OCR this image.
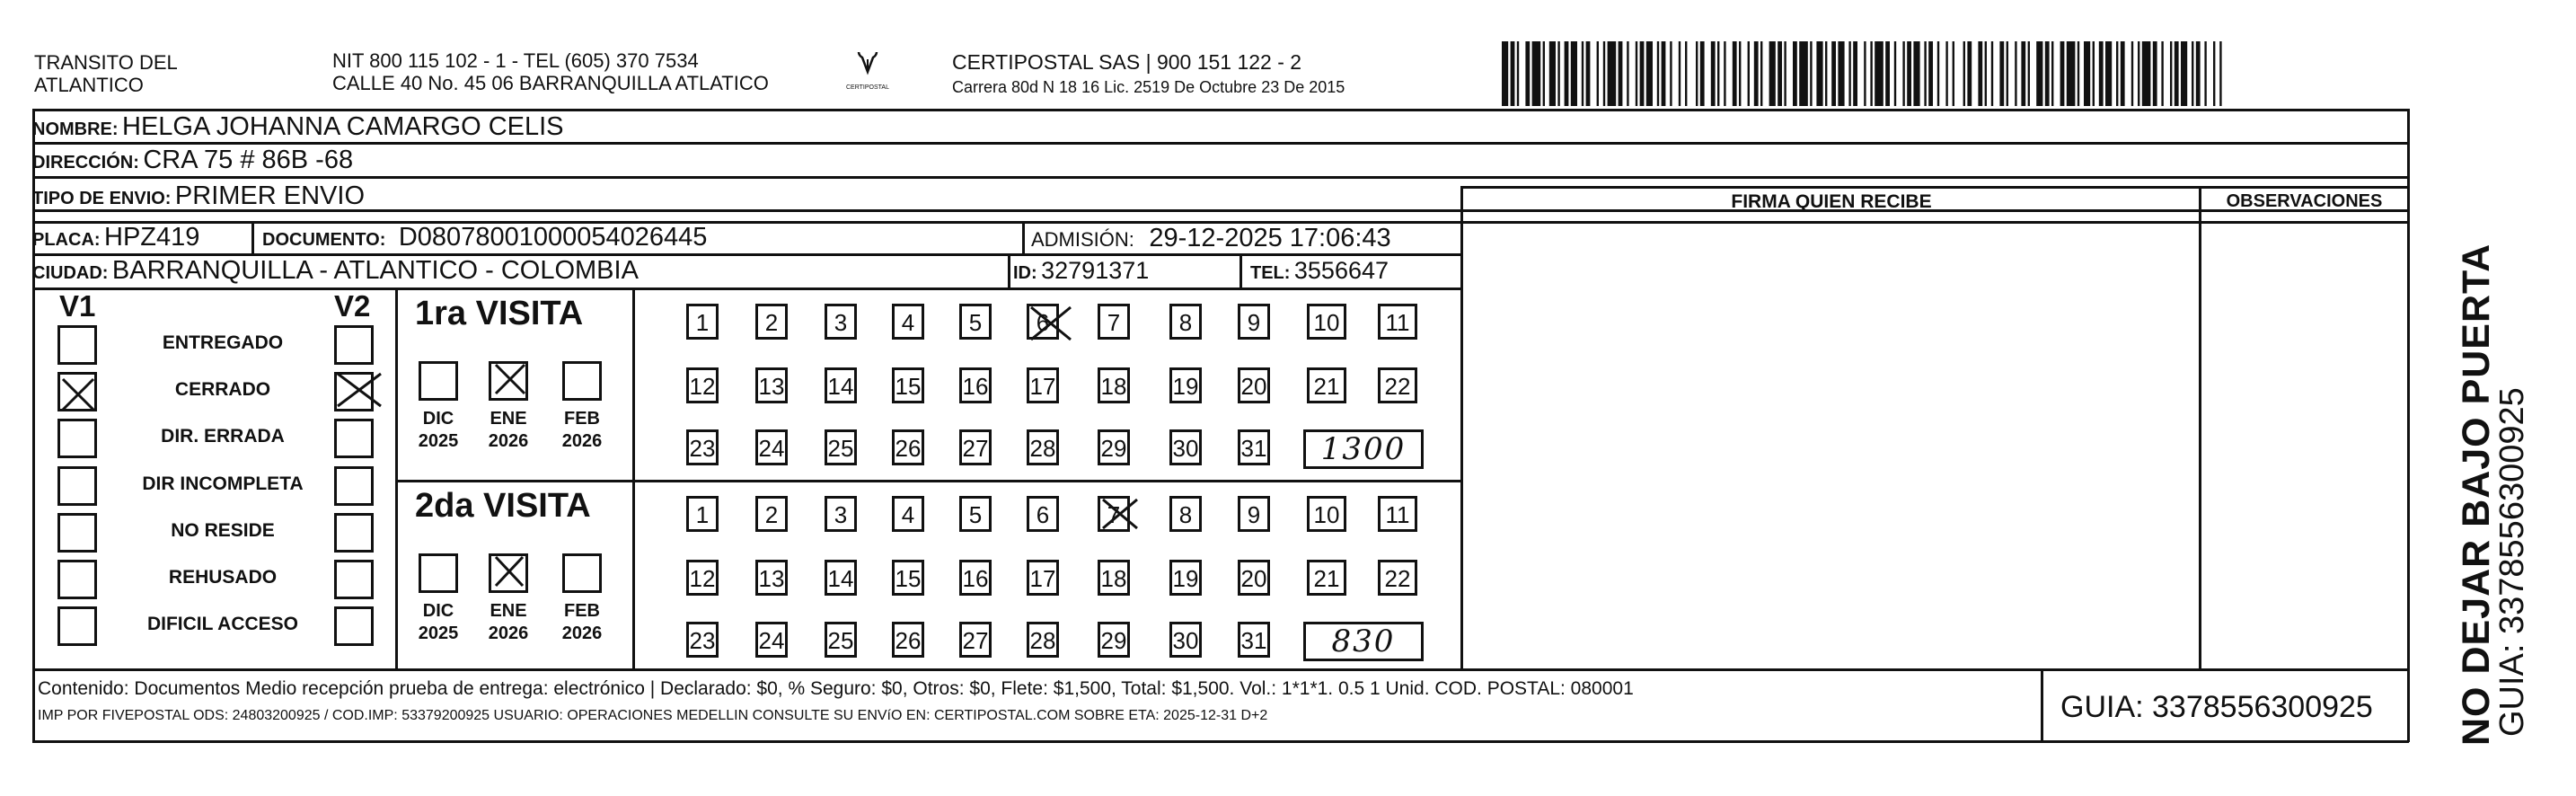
TRANSITO DEL
ATLANTICO
NIT 800 115 102 - 1 - TEL (605) 370 7534
CALLE 40 No. 45 06 BARRANQUILLA ATLATICO	CERTIPOSTAL
CERTIPOSTAL SAS | 900 151 122 - 2
Carrera 80d N 18 16 Lic. 2519 De Octubre 23 De 2015
NOMBRE: HELGA JOHANNA CAMARGO CELIS
DIRECCIÓN: CRA 75 # 86B -68
TIPO DE ENVIO: PRIMER ENVIO
PLACA: HPZ419	DOCUMENTO: D08078001000054026445	ADMISIÓN: 29-12-2025 17:06:43
CIUDAD: BARRANQUILLA - ATLANTICO - COLOMBIA	ID: 32791371	TEL: 3556647
FIRMA QUIEN RECIBE	OBSERVACIONES
V1	V2
ENTREGADO
CERRADO
DIR. ERRADA
DIR INCOMPLETA
NO RESIDE
REHUSADO
DIFICIL ACCESO
1ra VISITA
DIC
2025
ENE
2026
FEB
2026
1	2	3	4	5	6	7	8	9	10	11
12 13 14 15 16 17 18 19 20 21 22
23 24 25 26 27 28 29 30 31	1300
2da VISITA
DIC
2025
ENE
2026
FEB
2026
1	2	3	4	5	6	7	8	9	10	11
12 13 14 15 16 17 18 19 20 21 22
23 24 25 26 27 28 29 30 31	830
Contenido: Documentos Medio recepción prueba de entrega: electrónico | Declarado: $0, % Seguro: $0, Otros: $0, Flete: $1,500, Total: $1,500. Vol.: 1*1*1. 0.5 1 Unid. COD. POSTAL: 080001
IMP POR FIVEPOSTAL ODS: 24803200925 / COD.IMP: 53379200925 USUARIO: OPERACIONES MEDELLIN CONSULTE SU ENVíO EN: CERTIPOSTAL.COM SOBRE ETA: 2025-12-31 D+2	GUIA: 3378556300925 NO DEJAR BAJO PUERTA
GUIA: 3378556300925
